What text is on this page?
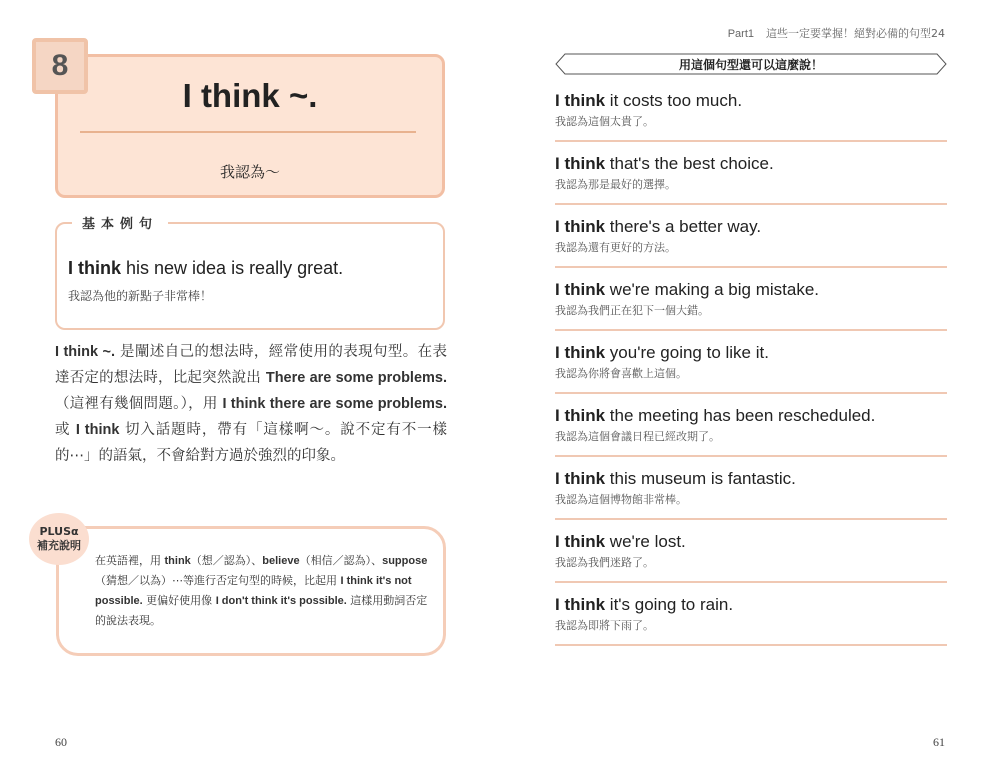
8
I think ~.
我認為～
基本例句
I think his new idea is really great.
我認為他的新點子非常棒！
I think ~. 是闡述自己的想法時，經常使用的表現句型。在表達否定的想法時，比起突然說出 There are some problems.（這裡有幾個問題。），用 I think there are some problems. 或 I think 切入話題時，帶有「這樣啊～。說不定有不一樣的⋯」的語氣，不會給對方過於強烈的印象。
PLUSα
補充說明
在英語裡，用 think（想／認為）、believe（相信／認為）、suppose（猜想／以為）⋯等進行否定句型的時候，比起用 I think it's not possible. 更偏好使用像 I don't think it's possible. 這樣用動詞否定的說法表現。
60
Part1 這些一定要掌握！絕對必備的句型24
用這個句型還可以這麼說！
I think it costs too much.
我認為這個太貴了。
I think that's the best choice.
我認為那是最好的選擇。
I think there's a better way.
我認為還有更好的方法。
I think we're making a big mistake.
我認為我們正在犯下一個大錯。
I think you're going to like it.
我認為你將會喜歡上這個。
I think the meeting has been rescheduled.
我認為這個會議日程已經改期了。
I think this museum is fantastic.
我認為這個博物館非常棒。
I think we're lost.
我認為我們迷路了。
I think it's going to rain.
我認為即將下雨了。
61
